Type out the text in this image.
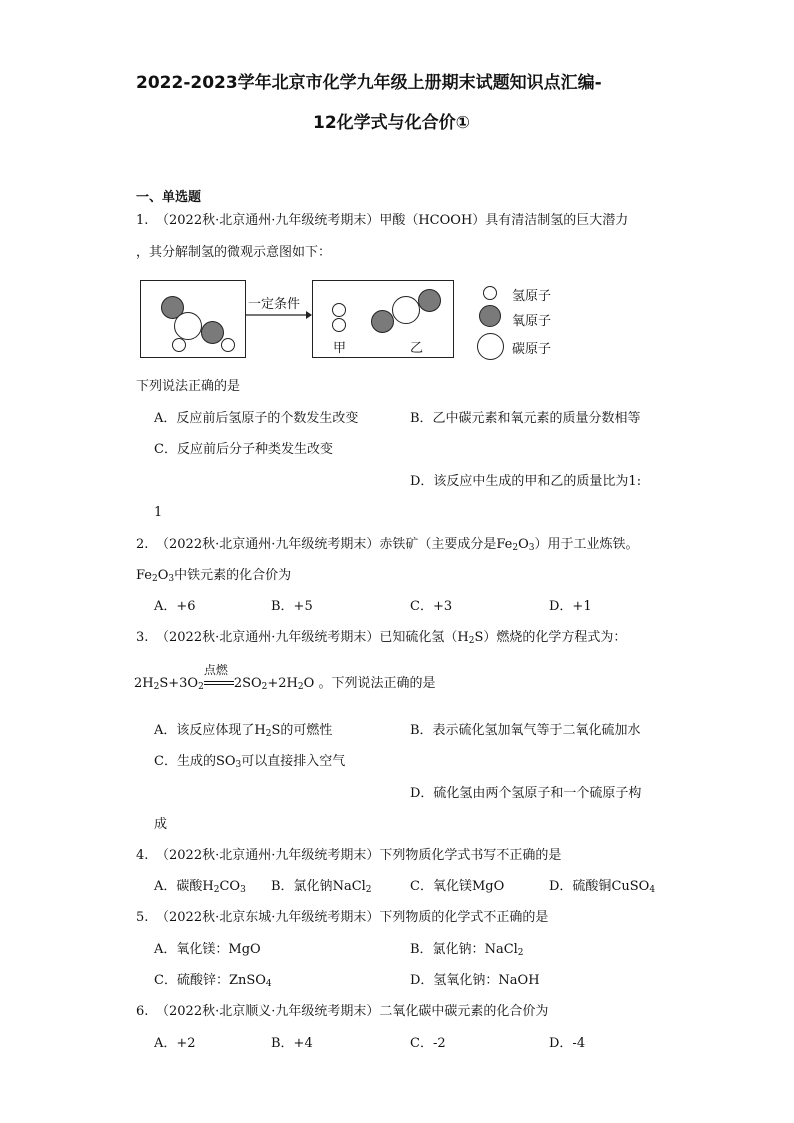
2022-2023学年北京市化学九年级上册期末试题知识点汇编-
12化学式与化合价①
一、单选题
1. （2022秋·北京通州·九年级统考期末）甲酸（HCOOH）具有清洁制氢的巨大潜力
，其分解制氢的微观示意图如下：
一定条件
甲	乙
氢原子
氧原子
碳原子
下列说法正确的是
A．反应前后氢原子的个数发生改变	B．乙中碳元素和氧元素的质量分数相等
C．反应前后分子种类发生改变
D．该反应中生成的甲和乙的质量比为1:
1
2. （2022秋·北京通州·九年级统考期末）赤铁矿（主要成分是$Fe_2O_3$）用于工业炼铁。
$Fe_2O_3$中铁元素的化合价为
A．+6	B．+5	C．+3	D．+1
3. （2022秋·北京通州·九年级统考期末）已知硫化氢$(H_2S)$燃烧的化学方程式为：
$2H_2S+3O_2$
点燃
$2SO_2+2H_2O$ 。下列说法正确的是
A．该反应体现了$H_2S$的可燃性	B．表示硫化氢加氧气等于二氧化硫加水
C．生成的$SO_3$可以直接排入空气
D．硫化氢由两个氢原子和一个硫原子构
成
4. （2022秋·北京通州·九年级统考期末）下列物质化学式书写不正确的是
A．碳酸$H_2CO_3$ B．氯化钠NaCl$_2$	C．氧化镁MgO	D．硫酸铜CuSO$_4$
5. （2022秋·北京东城·九年级统考期末）下列物质的化学式不正确的是
A．氧化镁：MgO	B．氯化钠：NaCl$_2$
C．硫酸锌：ZnSO$_4$	D．氢氧化钠：NaOH
6. （2022秋·北京顺义·九年级统考期末）二氧化碳中碳元素的化合价为
A．+2	B．+4	C．-2	D．-4
